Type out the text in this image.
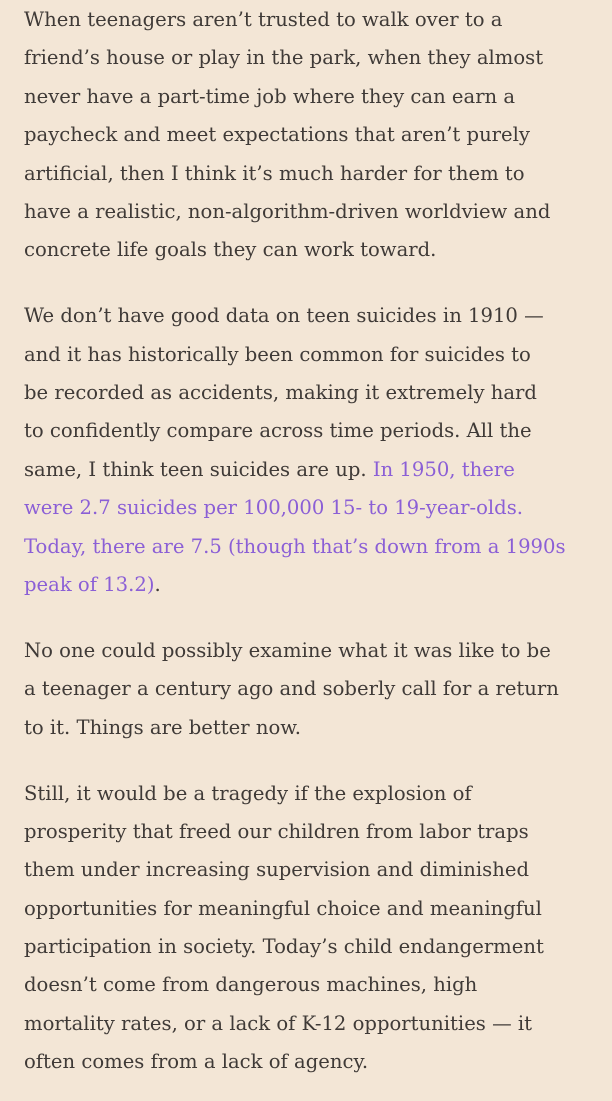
When teenagers aren’t trusted to walk over to a
friend’s house or play in the park, when they almost
never have a part-time job where they can earn a
paycheck and meet expectations that aren’t purely
artificial, then I think it’s much harder for them to
have a realistic, non-algorithm-driven worldview and
concrete life goals they can work toward.

We don’t have good data on teen suicides in 1910 —
and it has historically been common for suicides to
be recorded as accidents, making it extremely hard
to confidently compare across time periods. All the
same, I think teen suicides are up. In 1950, there
were 2.7 suicides per 100,000 15- to 19-year-olds.
Today, there are 7.5 (though that’s down from a 1990s
peak of 13.2).

No one could possibly examine what it was like to be
a teenager a century ago and soberly call for a return
to it. Things are better now.

Still, it would be a tragedy if the explosion of
prosperity that freed our children from labor traps
them under increasing supervision and diminished
opportunities for meaningful choice and meaningful
participation in society. Today’s child endangerment
doesn’t come from dangerous machines, high
mortality rates, or a lack of K-12 opportunities — it
often comes from a lack of agency.
